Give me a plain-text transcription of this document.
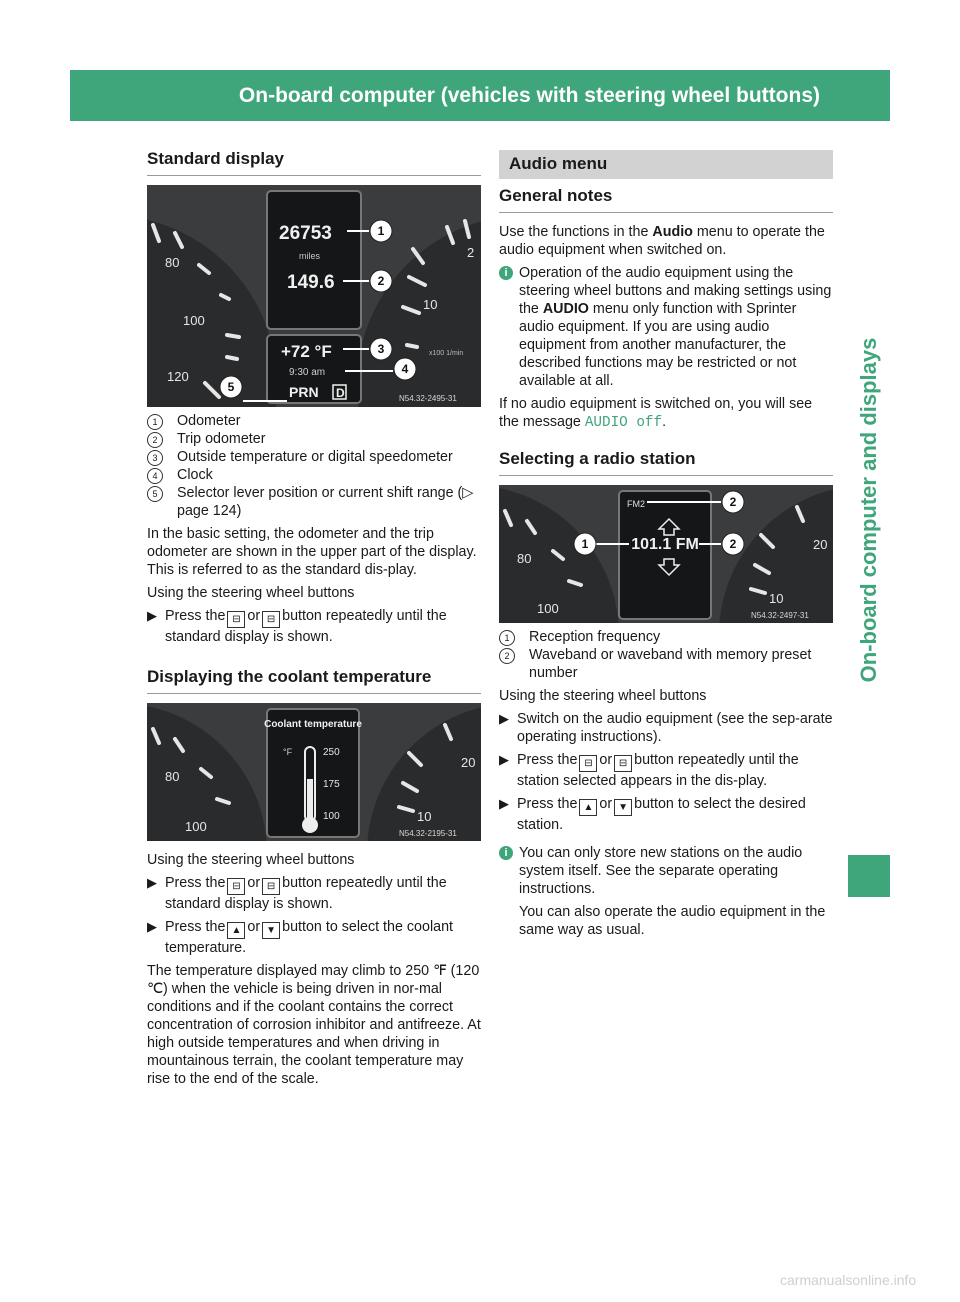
On-board computer (vehicles with steering wheel buttons)	167
On-board computer and displays
Standard display
80
100
120
10
2
x100 1/min
26753
miles
149.6
+72 °F
9:30 am
PRN D
1
2
3
4
5
N54.32-2495-31
1	Odometer
2	Trip odometer
3	Outside temperature or digital speedometer
4	Clock
5	Selector lever position or current shift range (▷ page 124)

In the basic setting, the odometer and the trip odometer are shown in the upper part of the display. This is referred to as the standard dis-play.

Using the steering wheel buttons

▶ Press the ⊟ or ⊟ button repeatedly until the standard display is shown.
Displaying the coolant temperature
80
100
20
10
Coolant temperature
°F	250
175
100
N54.32-2195-31

Using the steering wheel buttons

▶ Press the ⊟ or ⊟ button repeatedly until the standard display is shown.
▶ Press the ▲ or ▼ button to select the coolant temperature.

The temperature displayed may climb to 250 ℉ (120 ℃) when the vehicle is being driven in nor-mal conditions and if the coolant contains the correct concentration of corrosion inhibitor and antifreeze. At high outside temperatures and when driving in mountainous terrain, the coolant temperature may rise to the end of the scale.

Audio menu
General notes

Use the functions in the Audio menu to operate the audio equipment when switched on.

i Operation of the audio equipment using the steering wheel buttons and making settings using the AUDIO menu only function with Sprinter audio equipment. If you are using audio equipment from another manufacturer, the described functions may be restricted or not available at all.

If no audio equipment is switched on, you will see the message AUDIO off.

Selecting a radio station
80
100
20
10
FM2
101.1 FM
1
2
2
N54.32-2497-31
1	Reception frequency
2	Waveband or waveband with memory preset number

Using the steering wheel buttons

▶ Switch on the audio equipment (see the sep-arate operating instructions).
▶ Press the ⊟ or ⊟ button repeatedly until the station selected appears in the dis-play.
▶ Press the ▲ or ▼ button to select the desired station.
i You can only store new stations on the audio system itself. See the separate operating instructions.
You can also operate the audio equipment in the same way as usual.
carmanualsonline.info
